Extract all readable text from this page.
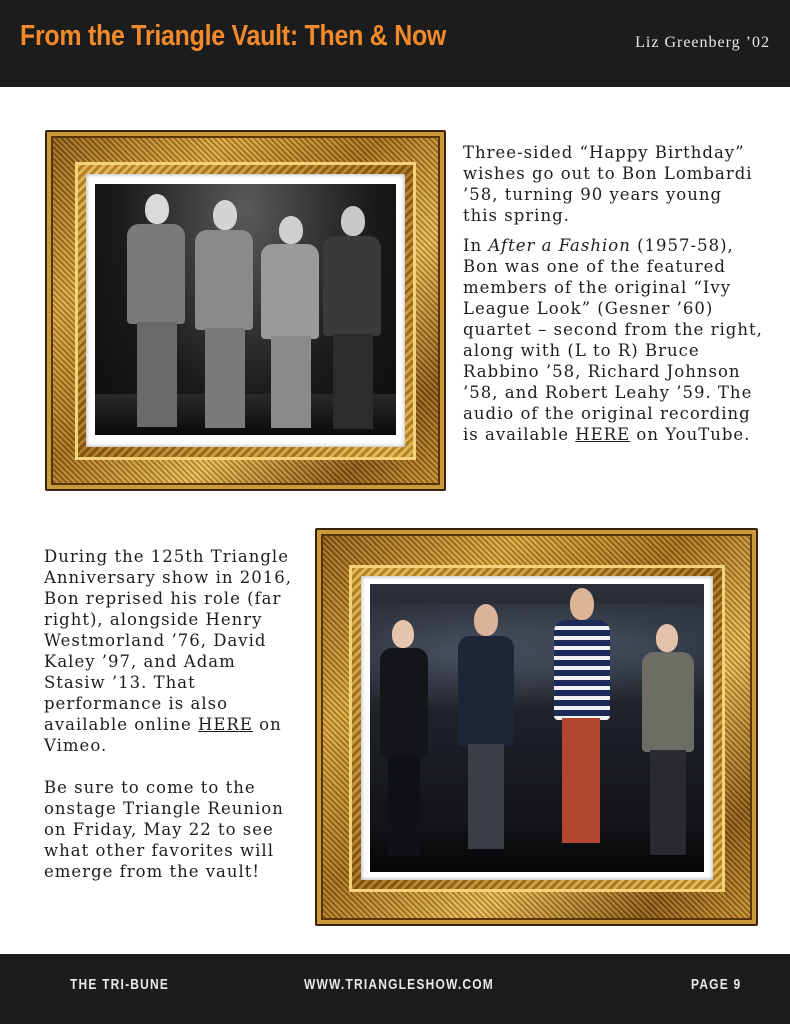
From the Triangle Vault: Then & Now	Liz Greenberg ’02

Three-sided “Happy Birthday” wishes go out to Bon Lombardi ’58, turning 90 years young this spring.

In After a Fashion (1957-58), Bon was one of the featured members of the original “Ivy League Look” (Gesner ’60) quartet – second from the right, along with (L to R) Bruce Rabbino ’58, Richard Johnson ’58, and Robert Leahy ’59. The audio of the original recording is available HERE on YouTube.

During the 125th Triangle Anniversary show in 2016, Bon reprised his role (far right), alongside Henry Westmorland ’76, David Kaley ’97, and Adam Stasiw ’13. That performance is also available online HERE on Vimeo.

Be sure to come to the onstage Triangle Reunion on Friday, May 22 to see what other favorites will emerge from the vault!

THE TRI-BUNE	WWW.TRIANGLESHOW.COM	PAGE 9
